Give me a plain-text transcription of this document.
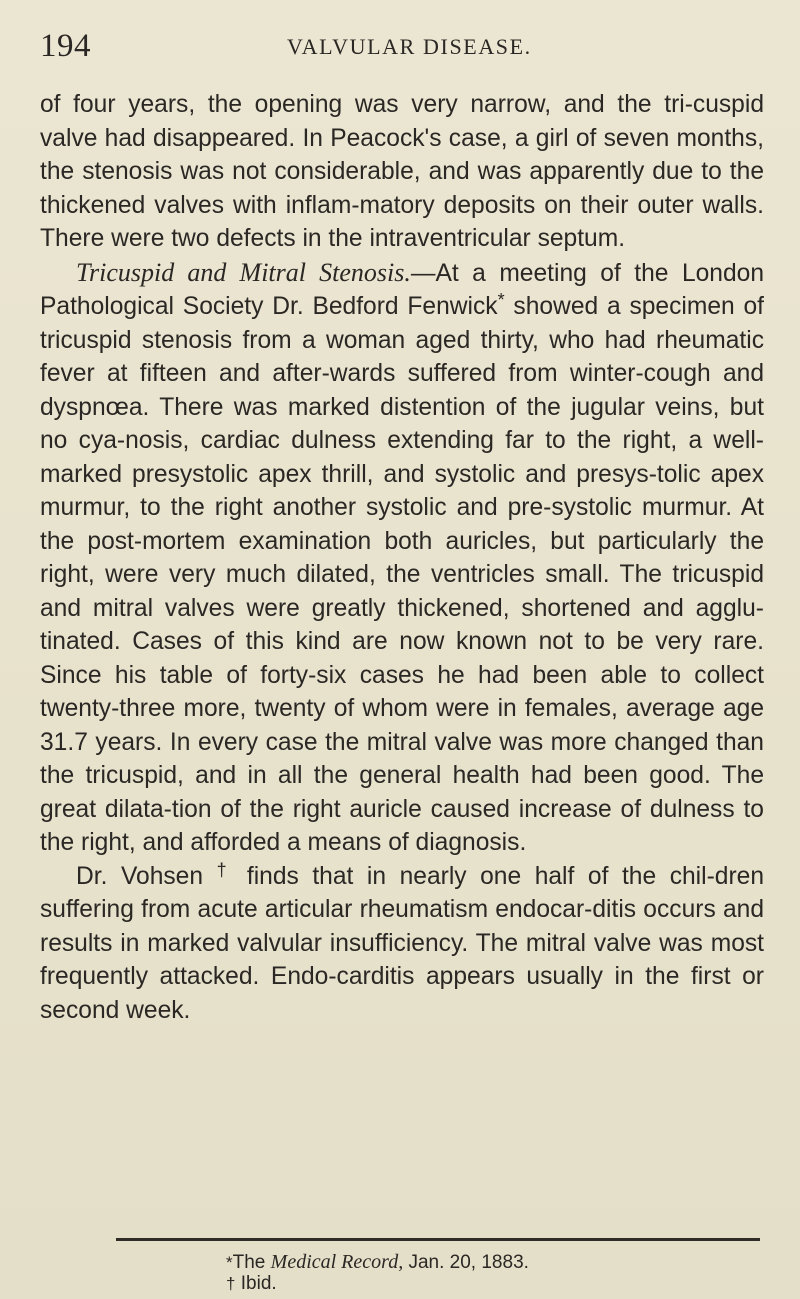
194	VALVULAR DISEASE.

of four years, the opening was very narrow, and the tri-cuspid valve had disappeared. In Peacock's case, a girl of seven months, the stenosis was not considerable, and was apparently due to the thickened valves with inflam-matory deposits on their outer walls. There were two defects in the intraventricular septum.

Tricuspid and Mitral Stenosis.—At a meeting of the London Pathological Society Dr. Bedford Fenwick* showed a specimen of tricuspid stenosis from a woman aged thirty, who had rheumatic fever at fifteen and after-wards suffered from winter-cough and dyspnœa. There was marked distention of the jugular veins, but no cya-nosis, cardiac dulness extending far to the right, a well-marked presystolic apex thrill, and systolic and presys-tolic apex murmur, to the right another systolic and pre-systolic murmur. At the post-mortem examination both auricles, but particularly the right, were very much dilated, the ventricles small. The tricuspid and mitral valves were greatly thickened, shortened and agglu-tinated. Cases of this kind are now known not to be very rare. Since his table of forty-six cases he had been able to collect twenty-three more, twenty of whom were in females, average age 31.7 years. In every case the mitral valve was more changed than the tricuspid, and in all the general health had been good. The great dilata-tion of the right auricle caused increase of dulness to the right, and afforded a means of diagnosis.

Dr. Vohsen † finds that in nearly one half of the chil-dren suffering from acute articular rheumatism endocar-ditis occurs and results in marked valvular insufficiency. The mitral valve was most frequently attacked. Endo-carditis appears usually in the first or second week.

*The Medical Record, Jan. 20, 1883.

† Ibid.
